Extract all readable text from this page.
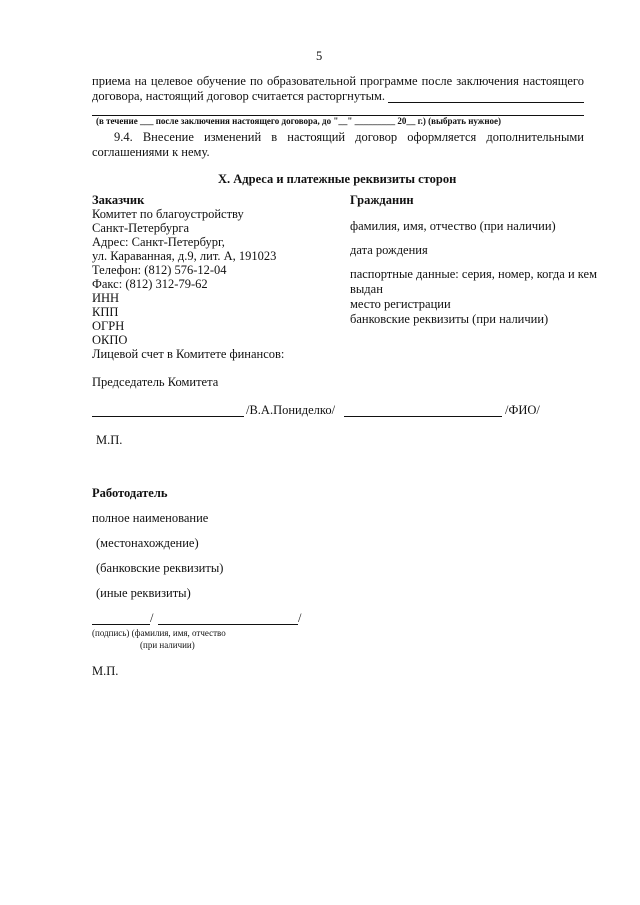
5
приема на целевое обучение по образовательной программе после заключения настоящего
договора, настоящий договор считается расторгнутым.
(в течение ___ после заключения настоящего договора, до "__" _________ 20__ г.) (выбрать нужное)
9.4. Внесение изменений в настоящий договор оформляется дополнительными
соглашениями к нему.
X. Адреса и платежные реквизиты сторон
Заказчик
Комитет по благоустройству
Санкт-Петербурга
Адрес: Санкт-Петербург,
ул. Караванная, д.9, лит. А, 191023
Телефон: (812) 576-12-04
Факс: (812) 312-79-62
ИНН
КПП
ОГРН
ОКПО
Лицевой счет в Комитете финансов:
Председатель Комитета
/В.А.Пониделко/
Гражданин
фамилия, имя, отчество (при наличии)
дата рождения
паспортные данные: серия, номер, когда и кем
выдан
место регистрации
банковские реквизиты (при наличии)
/ФИО/
М.П.
Работодатель
полное наименование
(местонахождение)
(банковские реквизиты)
(иные реквизиты)
/	/
(подпись) (фамилия, имя, отчество
(при наличии)
М.П.
